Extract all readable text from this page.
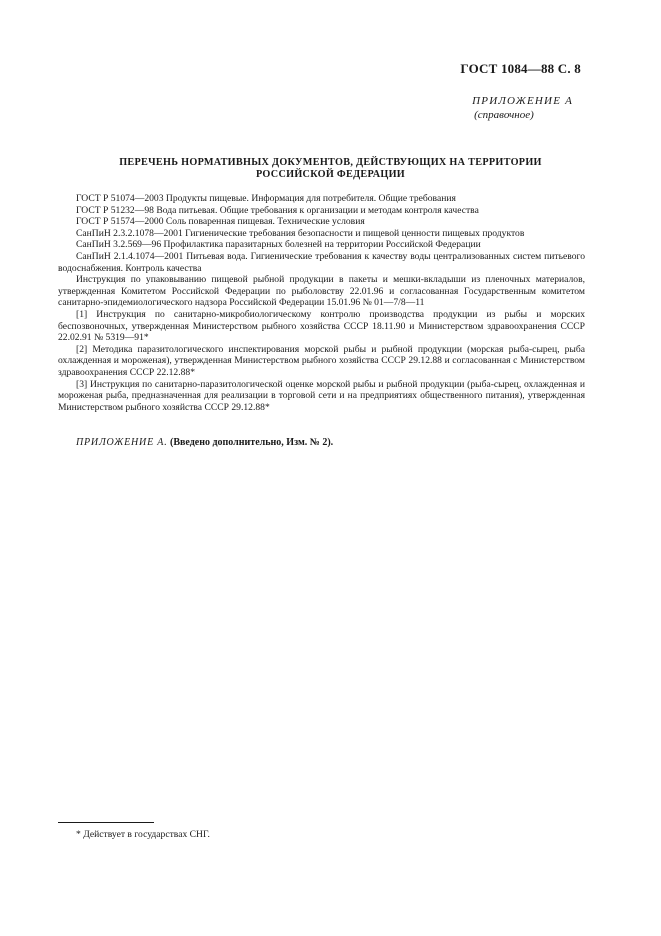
ГОСТ 1084—88 С. 8
ПРИЛОЖЕНИЕ А
(справочное)
ПЕРЕЧЕНЬ НОРМАТИВНЫХ ДОКУМЕНТОВ, ДЕЙСТВУЮЩИХ НА ТЕРРИТОРИИ
РОССИЙСКОЙ ФЕДЕРАЦИИ

ГОСТ Р 51074—2003 Продукты пищевые. Информация для потребителя. Общие требования

ГОСТ Р 51232—98 Вода питьевая. Общие требования к организации и методам контроля качества

ГОСТ Р 51574—2000 Соль поваренная пищевая. Технические условия

СанПиН 2.3.2.1078—2001 Гигиенические требования безопасности и пищевой ценности пищевых продуктов

СанПиН 3.2.569—96 Профилактика паразитарных болезней на территории Российской Федерации

СанПиН 2.1.4.1074—2001 Питьевая вода. Гигиенические требования к качеству воды централизованных систем питьевого водоснабжения. Контроль качества

Инструкция по упаковыванию пищевой рыбной продукции в пакеты и мешки-вкладыши из пленочных материалов, утвержденная Комитетом Российской Федерации по рыболовству 22.01.96 и согласованная Государственным комитетом санитарно-эпидемиологического надзора Российской Федерации 15.01.96 № 01—7/8—11

[1] Инструкция по санитарно-микробиологическому контролю производства продукции из рыбы и морских беспозвоночных, утвержденная Министерством рыбного хозяйства СССР 18.11.90 и Министерством здравоохранения СССР 22.02.91 № 5319—91*

[2] Методика паразитологического инспектирования морской рыбы и рыбной продукции (морская рыба-сырец, рыба охлажденная и мороженая), утвержденная Министерством рыбного хозяйства СССР 29.12.88 и согласованная с Министерством здравоохранения СССР 22.12.88*

[3] Инструкция по санитарно-паразитологической оценке морской рыбы и рыбной продукции (рыба-сырец, охлажденная и мороженая рыба, предназначенная для реализации в торговой сети и на предприятиях общественного питания), утвержденная Министерством рыбного хозяйства СССР 29.12.88*

ПРИЛОЖЕНИЕ А. (Введено дополнительно, Изм. № 2).
* Действует в государствах СНГ.
